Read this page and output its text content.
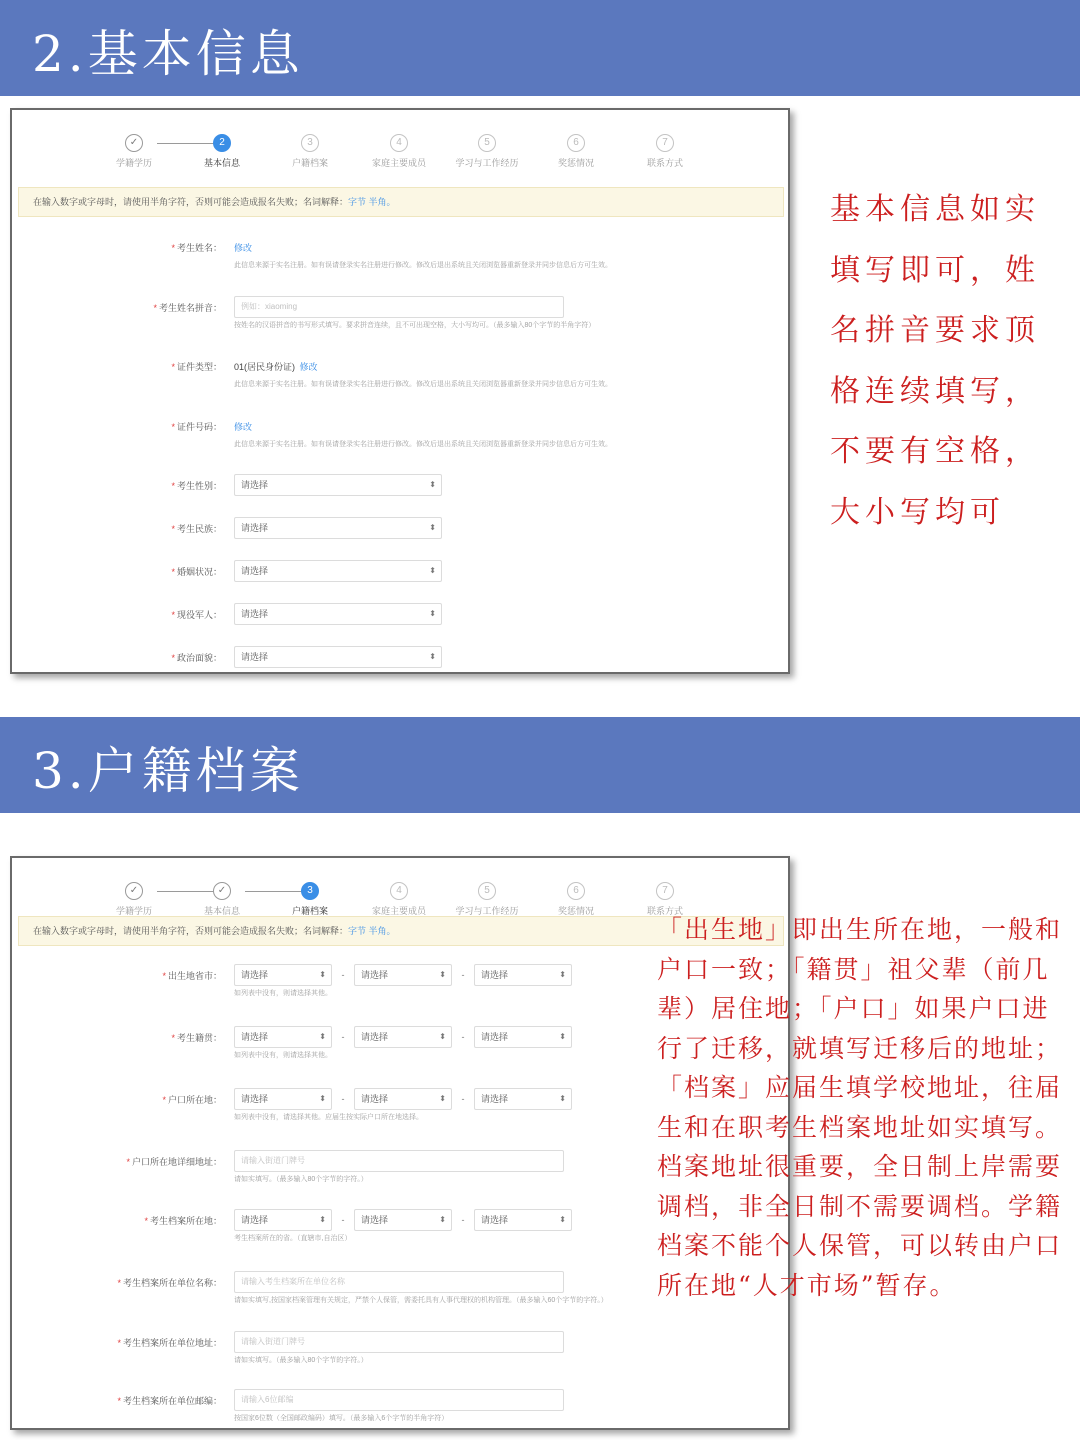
2.基本信息
✓
学籍学历
2
基本信息
3
户籍档案
4
家庭主要成员
5
学习与工作经历
6
奖惩情况
7
联系方式
在输入数字或字母时，请使用半角字符，否则可能会造成报名失败；名词解释：字节 半角。
* 考生姓名： 修改
此信息来源于实名注册。如有误请登录实名注册进行修改。修改后退出系统且关闭浏览器重新登录并同步信息后方可生效。
* 考生姓名拼音：	例如：xiaoming
按姓名的汉语拼音的书写形式填写。要求拼音连续，且不可出现空格，大小写均可。（最多输入80个字节的半角字符）
* 证件类型： 01(居民身份证) 修改
此信息来源于实名注册。如有误请登录实名注册进行修改。修改后退出系统且关闭浏览器重新登录并同步信息后方可生效。
* 证件号码： 修改
此信息来源于实名注册。如有误请登录实名注册进行修改。修改后退出系统且关闭浏览器重新登录并同步信息后方可生效。
* 考生性别：	请选择	⬍
* 考生民族：	请选择	⬍
* 婚姻状况：	请选择	⬍
* 现役军人：	请选择	⬍
* 政治面貌：	请选择	⬍
基本信息如实填写即可，姓名拼音要求顶格连续填写，不要有空格，大小写均可
3.户籍档案
✓
学籍学历
✓
基本信息
3
户籍档案
4
家庭主要成员
5
学习与工作经历
6
奖惩情况
7
联系方式
在输入数字或字母时，请使用半角字符，否则可能会造成报名失败；名词解释：字节 半角。
* 出生地省市：	请选择	⬍ - 请选择	⬍ - 请选择	⬍
如列表中没有，则请选择其他。
* 考生籍贯：	请选择	⬍ - 请选择	⬍ - 请选择	⬍
如列表中没有，则请选择其他。
* 户口所在地：	请选择	⬍ - 请选择	⬍ - 请选择	⬍
如列表中没有，请选择其他。应届生按实际户口所在地选择。
* 户口所在地详细地址：	请输入街道门牌号
请如实填写。（最多输入80个字节的字符。）
* 考生档案所在地：	请选择	⬍ - 请选择	⬍ - 请选择	⬍
考生档案所在的省。（直辖市,自治区）
* 考生档案所在单位名称：	请输入考生档案所在单位名称
请如实填写,按国家档案管理有关规定，严禁个人保管，需委托具有人事代理权的机构管理。（最多输入60个字节的字符。）
* 考生档案所在单位地址：	请输入街道门牌号
请如实填写。（最多输入80个字节的字符。）
* 考生档案所在单位邮编：	请输入6位邮编
按国家6位数（全国邮政编码）填写。（最多输入6个字节的半角字符）
「出生地」即出生所在地，一般和户口一致；「籍贯」祖父辈（前几辈）居住地；「户口」如果户口进行了迁移，就填写迁移后的地址；「档案」应届生填学校地址，往届生和在职考生档案地址如实填写。档案地址很重要，全日制上岸需要调档，非全日制不需要调档。学籍档案不能个人保管，可以转由户口所在地“人才市场”暂存。
